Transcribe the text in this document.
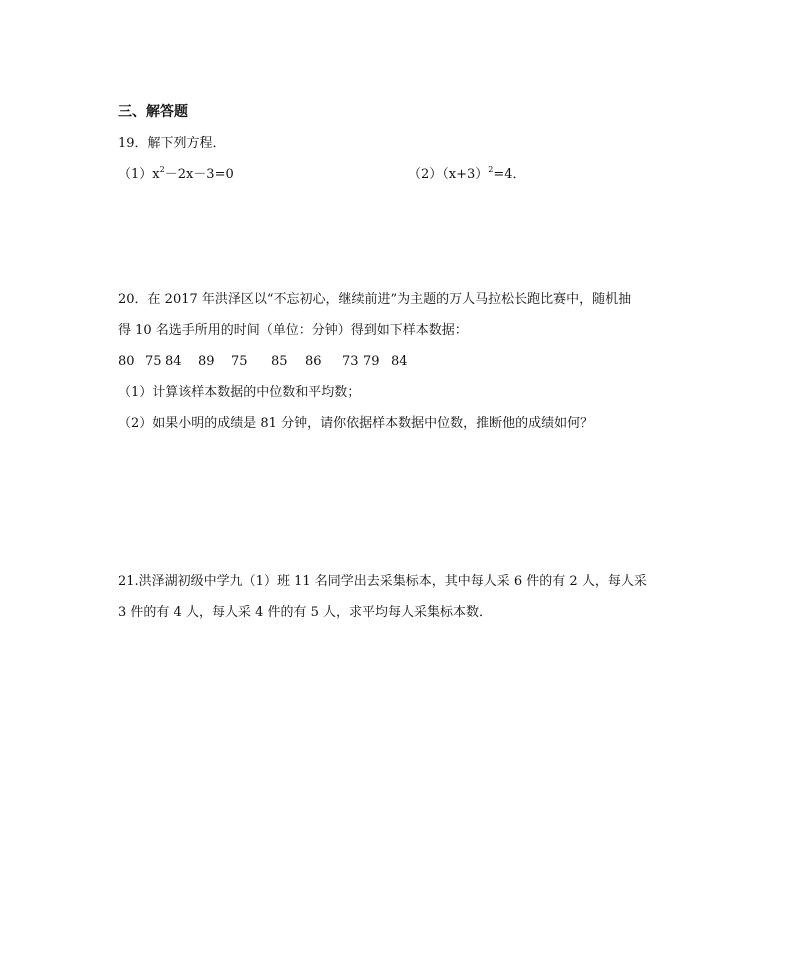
三、解答题
19．解下列方程．
$(1)x^2-2x-3=0$	$(2)(x+3)^2=4$．
20．在 2017 年洪泽区以“不忘初心，继续前进”为主题的万人马拉松长跑比赛中，随机抽
得 10 名选手所用的时间（单位：分钟）得到如下样本数据：
80 75 84 89 75 85 86 73 79 84
（1）计算该样本数据的中位数和平均数；
（2）如果小明的成绩是 81 分钟，请你依据样本数据中位数，推断他的成绩如何？
21.洪泽湖初级中学九（1）班 11 名同学出去采集标本，其中每人采 6 件的有 2 人，每人采
3 件的有 4 人，每人采 4 件的有 5 人，求平均每人采集标本数．
